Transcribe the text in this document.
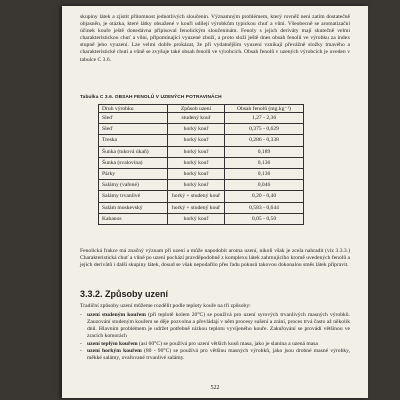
skupiny látek a zjistit přítomnost jednotlivých sloučenin. Významným problémem, který rovněž není zatím dostatečně objasněn, je otázka, které látky obsažené v kouři udílejí výrobkům typickou chuť a vůni. Všeobecně se aromatizační účinek kouře ještě donedávna připisoval fenolickým sloučeninám. Fenoly s jejich deriváty mají skutečně velmi charakteristickou chuť a vůni, připomínající vyuzené zboží, a proto složí ještě dnes obsah fenolů ve výrobku za index stupně jeho vyuzení. Lze velmi dobře prokázat, že při vydatnějším vyuzení vznikají převážně složky tmavého a charakteristické chuti a vůně se zvyšuje také obsah fenolů ve výrobcích. Obsah fenolů v uzených výrobcích je uveden v tabulce C 3.6.
Tabulka C 3.6. OBSAH FENOLŮ V UZENÝCH POTRAVINÁCH
Druh výrobku	Způsob uzení	Obsah fenolů (mg.kg⁻¹)
Sleď	studený kouř	1,27 - 2,36
Sleď	horký kouř	0,375 - 0,629
Treska	horký kouř	0,286 - 0,338
Šunka (tuková úkaň)	horký kouř	0,189
Šunka (svalovina)	horký kouř	0,136
Párky	horký kouř	0,136
Salámy (vařené)	horký kouř	0,046
Salámy trvanlivé	horký + studený kouř	0,20 - 0,40
Salám moskevský	horký + studený kouř	0,583 - 0,644
Kabanos	horký kouř	0,05 - 0,50
Fenolická frakce má značný význam při uzení a může napodobit aroma uzení, nikoli však je zcela nahradit (viz 3.3.3.) Charakteristická chuť a vůně po uzení pochází pravděpodobně z komplexu látek zahrnujícího kromě uvedených fenolů a jejich derivátů i další skupiny látek, dosud se však nepodařilo přes řadu pokusů takovou dokonalou směs látek připravit.
3.3.2. Způsoby uzení
Tradiční způsoby uzení můžeme rozdělit podle teploty kouře na tři způsoby:
- uzení studeným kouřem (při teplotě kolem 20°C) se používá pro uzení syrových trvanlivých masných výrobků. Zauzování studeným kouřem se děje pozvolna a převládají v něm procesy sušení a zrání, proces trvá často až několik dnů. Hlavním problémem je udržet potřebně nízkou teplotu vyvíjeného kouře. Zakuřování se provádí většinou ve zracích komorách
- uzení teplým kouřem (asi 60°C) se používá pro uzení větších kusů masa, jako je slanina a uzená masa
- uzení horkým kouřem (80 - 90°C) se používá pro většinu masných výrobků, jako jsou drobné masné výrobky, měkké salámy, ovařované trvanlivé salámy.
522
